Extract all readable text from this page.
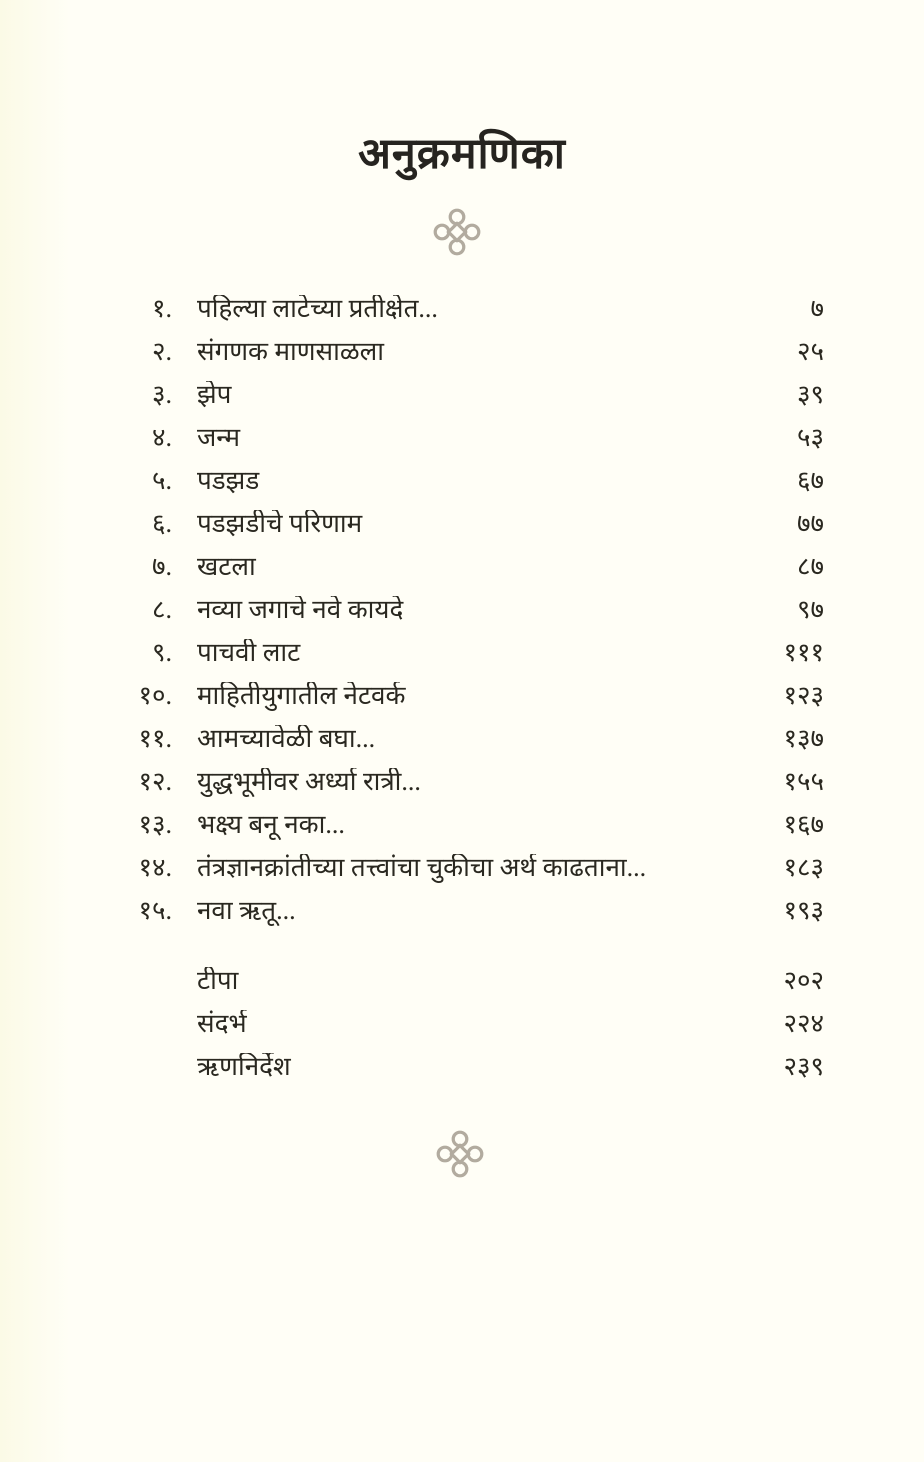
अनुक्रमणिका
१. पहिल्या लाटेच्या प्रतीक्षेत...	७
२. संगणक माणसाळला	२५
३. झेप	३९
४. जन्म	५३
५. पडझड	६७
६. पडझडीचे परिणाम	७७
७. खटला	८७
८. नव्या जगाचे नवे कायदे	९७
९. पाचवी लाट	१११
१०. माहितीयुगातील नेटवर्क	१२३
११. आमच्यावेळी बघा...	१३७
१२. युद्धभूमीवर अर्ध्या रात्री...	१५५
१३. भक्ष्य बनू नका...	१६७
१४. तंत्रज्ञानक्रांतीच्या तत्त्वांचा चुकीचा अर्थ काढताना...	१८३
१५. नवा ऋतू...	१९३
टीपा	२०२
संदर्भ	२२४
ऋणनिर्देश	२३९
